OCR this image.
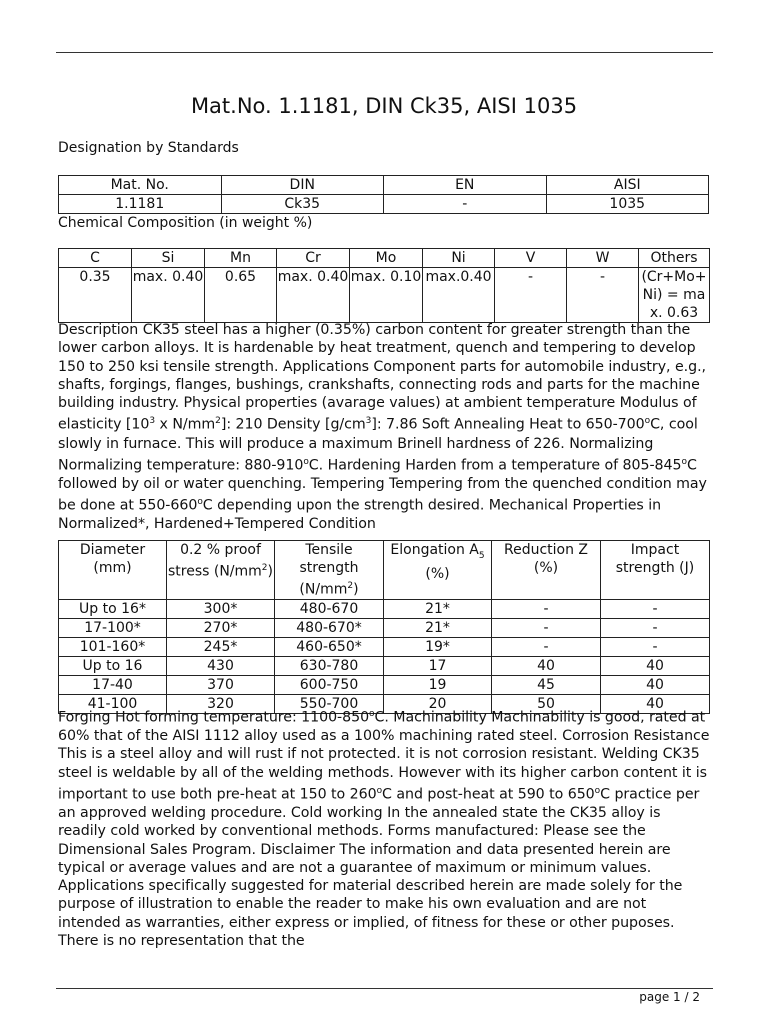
Mat.No. 1.1181, DIN Ck35, AISI 1035

Designation by Standards

Mat. No.	DIN	EN	AISI
1.1181	Ck35	-	1035

Chemical Composition (in weight %)

C	Si	Mn	Cr	Mo	Ni	V	W	Others
0.35	max. 0.40	0.65	max. 0.40	max. 0.10	max.0.40	-	-	(Cr+Mo+Ni) = max. 0.63

Description CK35 steel has a higher (0.35%) carbon content for greater strength than the lower carbon alloys. It is hardenable by heat treatment, quench and tempering to develop 150 to 250 ksi tensile strength. Applications Component parts for automobile industry, e.g., shafts, forgings, flanges, bushings, crankshafts, connecting rods and parts for the machine building industry. Physical properties (avarage values) at ambient temperature Modulus of elasticity [$10^3$ x $N/mm^2$]: 210 Density $[g/cm^3]$: 7.86 Soft Annealing Heat to 650-700$^o$C, cool slowly in furnace. This will produce a maximum Brinell hardness of 226. Normalizing Normalizing temperature: 880-910$^o$C. Hardening Harden from a temperature of 805-845$^o$C followed by oil or water quenching. Tempering Tempering from the quenched condition may be done at 550-660$^o$C depending upon the strength desired. Mechanical Properties in Normalized*, Hardened+Tempered Condition

Diameter (mm)	0.2 % proof stress $(N/mm^2)$	Tensile strength $(N/mm^2)$	Elongation $A_5$ (%)	Reduction Z (%)	Impact strength (J)
Up to 16*	300*	480-670	21*	-	-
17-100*	270*	480-670*	21*	-	-
101-160*	245*	460-650*	19*	-	-
Up to 16	430	630-780	17	40	40
17-40	370	600-750	19	45	40
41-100	320	550-700	20	50	40

Forging Hot forming temperature: 1100-850$^o$C. Machinability Machinability is good, rated at 60% that of the AISI 1112 alloy used as a 100% machining rated steel. Corrosion Resistance This is a steel alloy and will rust if not protected. it is not corrosion resistant. Welding CK35 steel is weldable by all of the welding methods. However with its higher carbon content it is important to use both pre-heat at 150 to 260$^o$C and post-heat at 590 to 650$^o$C practice per an approved welding procedure. Cold working In the annealed state the CK35 alloy is readily cold worked by conventional methods. Forms manufactured: Please see the Dimensional Sales Program. Disclaimer The information and data presented herein are typical or average values and are not a guarantee of maximum or minimum values. Applications specifically suggested for material described herein are made solely for the purpose of illustration to enable the reader to make his own evaluation and are not intended as warranties, either express or implied, of fitness for these or other puposes. There is no representation that the

page 1 / 2
